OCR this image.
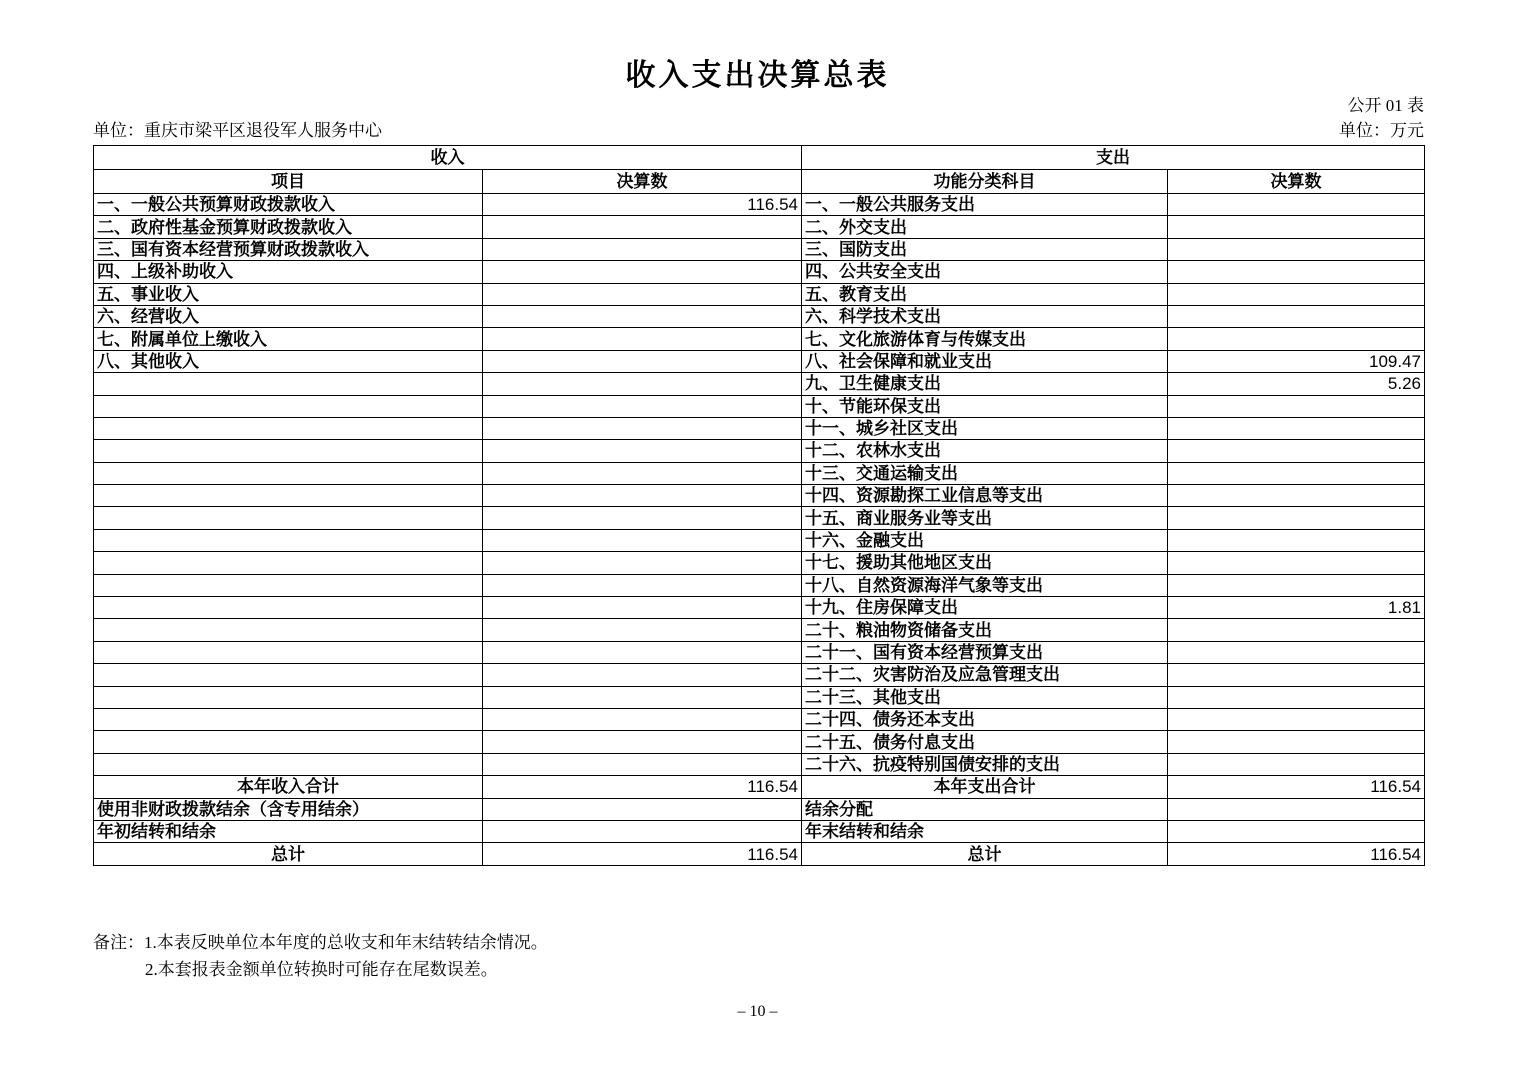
收入支出决算总表
公开 01 表
单位：重庆市梁平区退役军人服务中心	单位：万元
收入		支出	
项目	决算数	功能分类科目	决算数
一、一般公共预算财政拨款收入	116.54	一、一般公共服务支出	
二、政府性基金预算财政拨款收入		二、外交支出	
三、国有资本经营预算财政拨款收入		三、国防支出	
四、上级补助收入		四、公共安全支出	
五、事业收入		五、教育支出	
六、经营收入		六、科学技术支出	
七、附属单位上缴收入		七、文化旅游体育与传媒支出	
八、其他收入		八、社会保障和就业支出	109.47
		九、卫生健康支出	5.26
		十、节能环保支出	
		十一、城乡社区支出	
		十二、农林水支出	
		十三、交通运输支出	
		十四、资源勘探工业信息等支出	
		十五、商业服务业等支出	
		十六、金融支出	
		十七、援助其他地区支出	
		十八、自然资源海洋气象等支出	
		十九、住房保障支出	1.81
		二十、粮油物资储备支出	
		二十一、国有资本经营预算支出	
		二十二、灾害防治及应急管理支出	
		二十三、其他支出	
		二十四、债务还本支出	
		二十五、债务付息支出	
		二十六、抗疫特别国债安排的支出	
本年收入合计	116.54	本年支出合计	116.54
使用非财政拨款结余（含专用结余）		结余分配	
年初结转和结余		年末结转和结余	
总计	116.54	总计	116.54
备注：1.本表反映单位本年度的总收支和年末结转结余情况。
2.本套报表金额单位转换时可能存在尾数误差。
– 10 –
